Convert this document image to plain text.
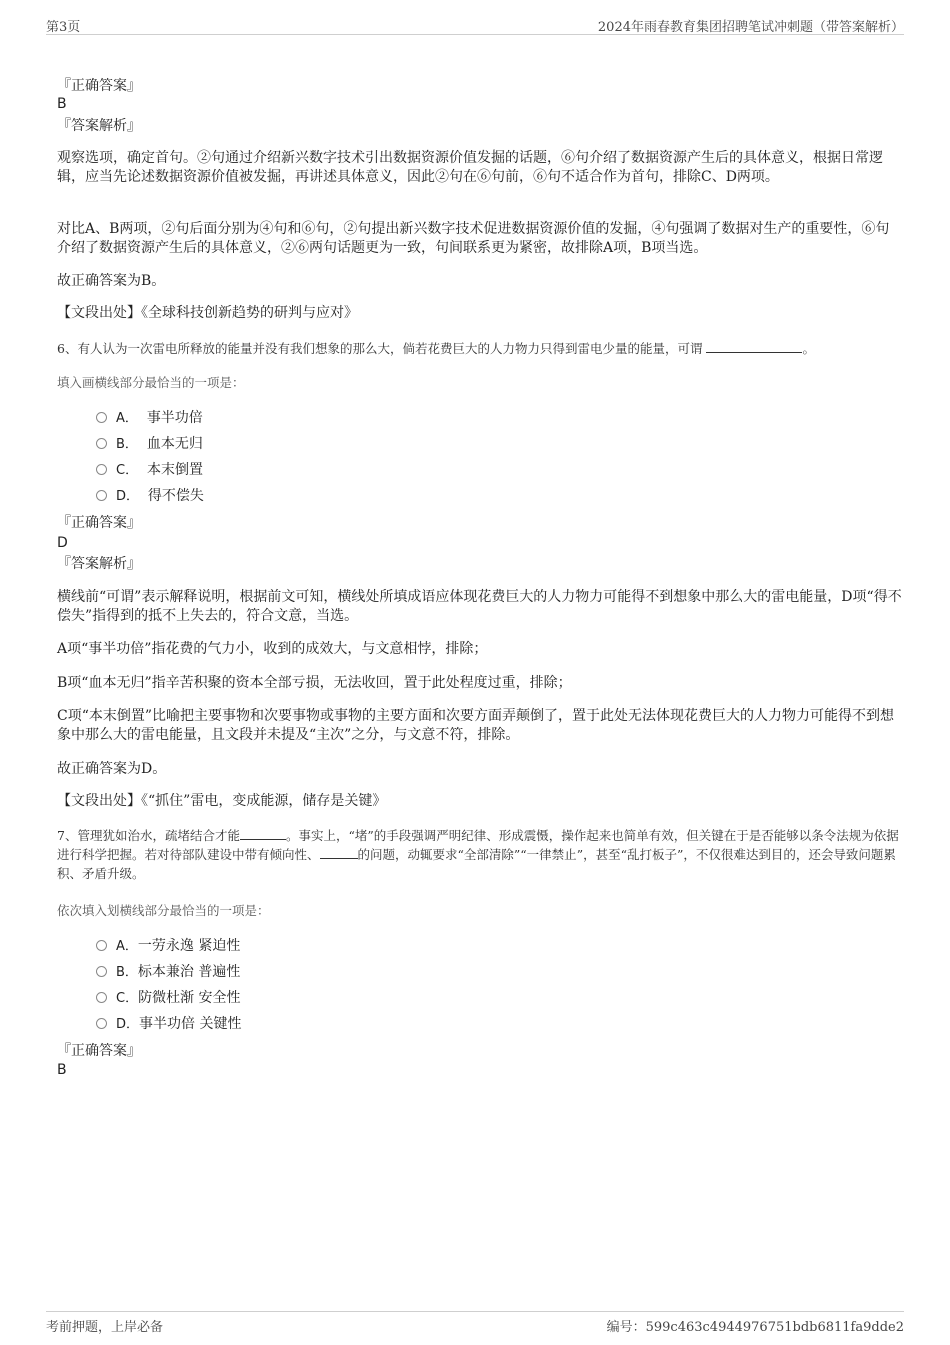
第3页	2024年雨春教育集团招聘笔试冲刺题（带答案解析）
『正确答案』
B
『答案解析』

观察选项，确定首句。②句通过介绍新兴数字技术引出数据资源价值发掘的话题，⑥句介绍了数据资源产生后的具体意义，根据日常逻辑，应当先论述数据资源价值被发掘，再讲述具体意义，因此②句在⑥句前，⑥句不适合作为首句，排除C、D两项。

对比A、B两项，②句后面分别为④句和⑥句，②句提出新兴数字技术促进数据资源价值的发掘，④句强调了数据对生产的重要性，⑥句介绍了数据资源产生后的具体意义，②⑥两句话题更为一致，句间联系更为紧密，故排除A项，B项当选。

故正确答案为B。

【文段出处】《全球科技创新趋势的研判与应对》
6、有人认为一次雷电所释放的能量并没有我们想象的那么大，倘若花费巨大的人力物力只得到雷电少量的能量，可谓	。
填入画横线部分最恰当的一项是：
A． 事半功倍
B． 血本无归
C． 本末倒置
D． 得不偿失
『正确答案』
D
『答案解析』

横线前“可谓”表示解释说明，根据前文可知，横线处所填成语应体现花费巨大的人力物力可能得不到想象中那么大的雷电能量，D项“得不偿失”指得到的抵不上失去的，符合文意，当选。

A项“事半功倍”指花费的气力小，收到的成效大，与文意相悖，排除；

B项“血本无归”指辛苦积聚的资本全部亏损，无法收回，置于此处程度过重，排除；

C项“本末倒置”比喻把主要事物和次要事物或事物的主要方面和次要方面弄颠倒了，置于此处无法体现花费巨大的人力物力可能得不到想象中那么大的雷电能量，且文段并未提及“主次”之分，与文意不符，排除。

故正确答案为D。

【文段出处】《“抓住”雷电，变成能源，储存是关键》
7、管理犹如治水，疏堵结合才能	。事实上，“堵”的手段强调严明纪律、形成震慑，操作起来也简单有效，但关键在于是否能够以条令法规为依据进行科学把握。若对待部队建设中带有倾向性、	的问题，动辄要求“全部清除”“一律禁止”，甚至“乱打板子”，不仅很难达到目的，还会导致问题累积、矛盾升级。
依次填入划横线部分最恰当的一项是：
A．一劳永逸 紧迫性
B．标本兼治 普遍性
C．防微杜渐 安全性
D．事半功倍 关键性
『正确答案』
B
考前押题，上岸必备	编号：599c463c4944976751bdb6811fa9dde2
